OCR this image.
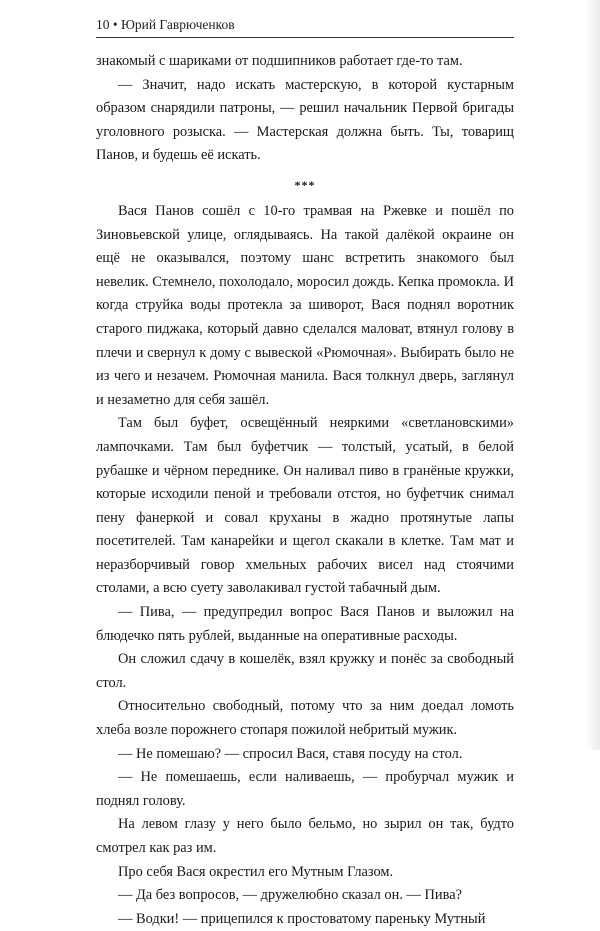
10 • Юрий Гаврюченков

знакомый с шариками от подшипников работает где-то там.

— Значит, надо искать мастерскую, в которой кустарным образом снарядили патроны, — решил начальник Первой бригады уголовного розыска. — Мастерская должна быть. Ты, товарищ Панов, и будешь её искать.

***

Вася Панов сошёл с 10-го трамвая на Ржевке и пошёл по Зиновьевской улице, оглядываясь. На такой далёкой окраине он ещё не оказывался, поэтому шанс встретить знакомого был невелик. Стемнело, похолодало, моросил дождь. Кепка промокла. И когда струйка воды протекла за шиворот, Вася поднял воротник старого пиджака, который давно сделался маловат, втянул голову в плечи и свернул к дому с вывеской «Рюмочная». Выбирать было не из чего и незачем. Рюмочная манила. Вася толкнул дверь, заглянул и незаметно для себя зашёл.

Там был буфет, освещённый неяркими «светлановскими» лампочками. Там был буфетчик — толстый, усатый, в белой рубашке и чёрном переднике. Он наливал пиво в гранёные кружки, которые исходили пеной и требовали отстоя, но буфетчик снимал пену фанеркой и совал круханы в жадно протянутые лапы посетителей. Там канарейки и щегол скакали в клетке. Там мат и неразборчивый говор хмельных рабочих висел над стоячими столами, а всю суету заволакивал густой табачный дым.

— Пива, — предупредил вопрос Вася Панов и выложил на блюдечко пять рублей, выданные на оперативные расходы.

Он сложил сдачу в кошелёк, взял кружку и понёс за свободный стол.

Относительно свободный, потому что за ним доедал ломоть хлеба возле порожнего стопаря пожилой небритый мужик.

— Не помешаю? — спросил Вася, ставя посуду на стол.

— Не помешаешь, если наливаешь, — пробурчал мужик и поднял голову.

На левом глазу у него было бельмо, но зырил он так, будто смотрел как раз им.

Про себя Вася окрестил его Мутным Глазом.

— Да без вопросов, — дружелюбно сказал он. — Пива?

— Водки! — прицепился к простоватому пареньку Мутный
